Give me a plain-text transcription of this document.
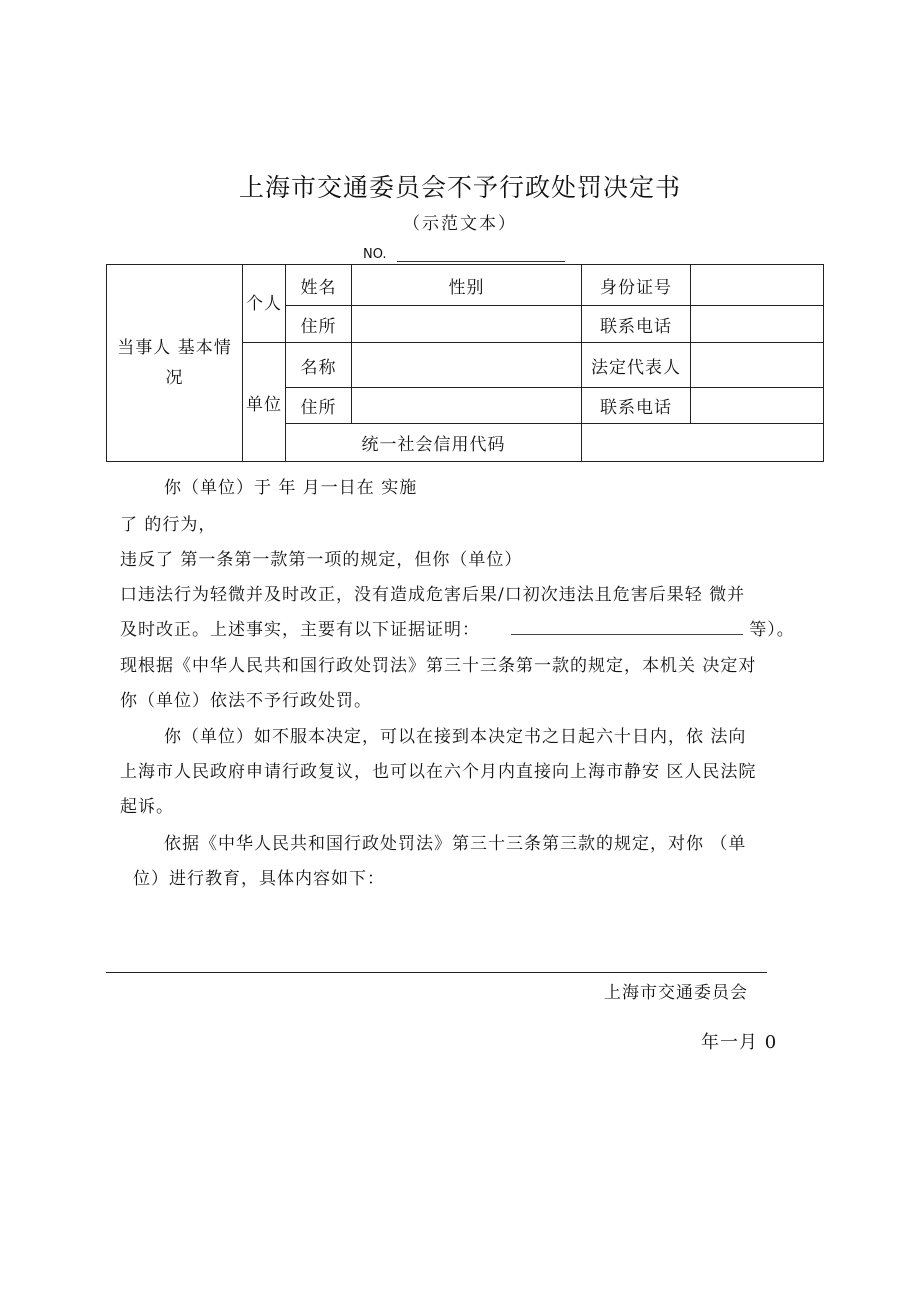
上海市交通委员会不予行政处罚决定书
（示范文本）
NO.
当事人 基本情况	个人	姓名	性别	身份证号	
		住所		联系电话	
	单位	名称		法定代表人	
		住所		联系电话	
		统一社会信用代码			
你（单位）于 年 月一日在 实施
了 的行为，
违反了 第一条第一款第一项的规定，但你（单位）
口违法行为轻微并及时改正，没有造成危害后果/口初次违法且危害后果轻 微并
及时改正。上述事实，主要有以下证据证明：	等）。
现根据《中华人民共和国行政处罚法》第三十三条第一款的规定，本机关 决定对
你（单位）依法不予行政处罚。
你（单位）如不服本决定，可以在接到本决定书之日起六十日内，依 法向
上海市人民政府申请行政复议，也可以在六个月内直接向上海市静安 区人民法院
起诉。
依据《中华人民共和国行政处罚法》第三十三条第三款的规定，对你 （单
位）进行教育，具体内容如下：
上海市交通委员会
年一月 0
